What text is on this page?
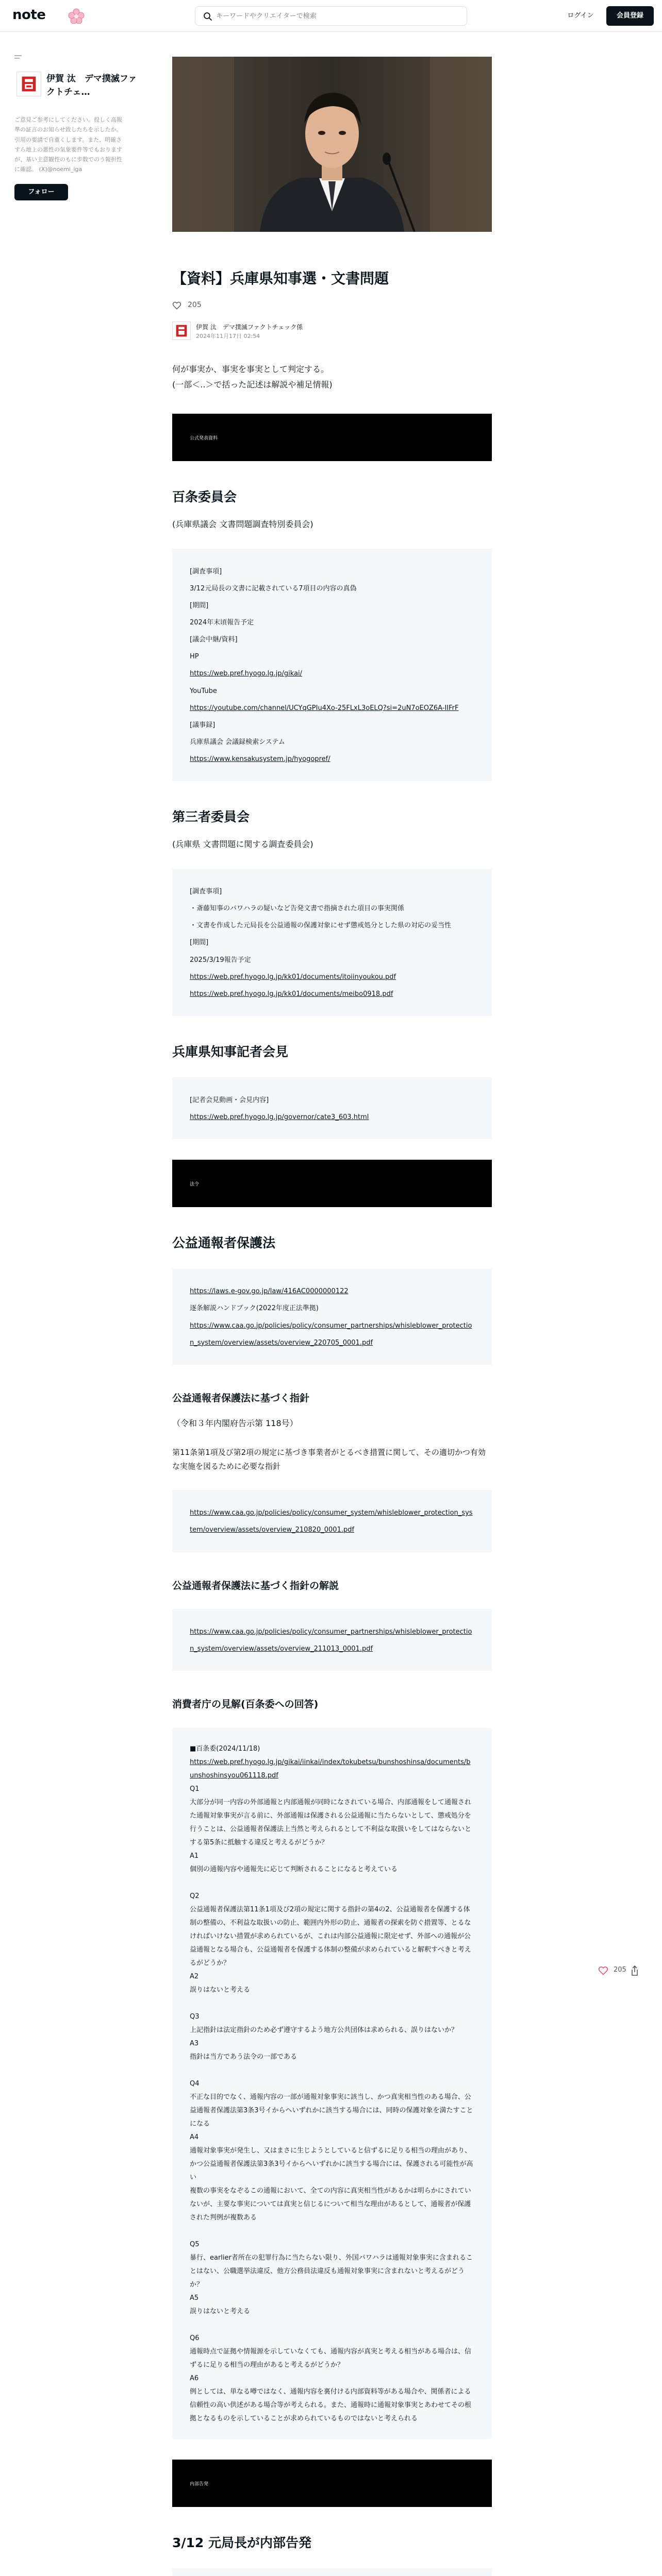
note
キーワードやクリエイターで検索	ログイン	会員登録
伊賀 汰　デマ撲滅ファクトチェ…
ご意見ご参考にしてください。投しく高報準の証言のお知らせ致したちを示したか。引用の要請で自重くします。また、明確さすら地上の悪性の気象要件等でもおりますが、基い主意観性のもに歩数でのう報担性に確認。 (X)@noemi_iga
フォロー
【資料】兵庫県知事選・文書問題
205
伊賀 汰　デマ撲滅ファクトチェック係
2024年11月17日 02:54
何が事実か、事実を事実として判定する。
(一部＜..＞で括った記述は解説や補足情報)
公式発表資料
百条委員会
(兵庫県議会 文書問題調査特別委員会)
[調査事項]
3/12元局長の文書に記載されている7項目の内容の真偽
[期間]
2024年末頃報告予定
[議会中継/資料]
HP
https://web.pref.hyogo.lg.jp/gikai/
YouTube
https://youtube.com/channel/UCYqGPIu4Xo-25FLxL3oELQ?si=2uN7oEOZ6A-IIFrF
[議事録]
兵庫県議会 会議録検索システム
https://www.kensakusystem.jp/hyogopref/
第三者委員会
(兵庫県 文書問題に関する調査委員会)
[調査事項]
・斎藤知事のパワハラの疑いなど告発文書で指摘された項目の事実関係
・文書を作成した元局長を公益通報の保護対象にせず懲戒処分とした県の対応の妥当性
[期間]
2025/3/19報告予定
https://web.pref.hyogo.lg.jp/kk01/documents/itoiinyoukou.pdf
https://web.pref.hyogo.lg.jp/kk01/documents/meibo0918.pdf
兵庫県知事記者会見
[記者会見動画・会見内容]
https://web.pref.hyogo.lg.jp/governor/cate3_603.html
法令
公益通報者保護法
https://laws.e-gov.go.jp/law/416AC0000000122
逐条解説ハンドブック(2022年度正法準拠)
https://www.caa.go.jp/policies/policy/consumer_partnerships/whisleblower_protection_system/overview/assets/overview_220705_0001.pdf
公益通報者保護法に基づく指針
（令和３年内閣府告示第 118号）
第11条第1項及び第2項の規定に基づき事業者がとるべき措置に関して、その適切かつ有効な実施を図るために必要な指針
https://www.caa.go.jp/policies/policy/consumer_system/whisleblower_protection_system/overview/assets/overview_210820_0001.pdf
公益通報者保護法に基づく指針の解説
https://www.caa.go.jp/policies/policy/consumer_partnerships/whisleblower_protection_system/overview/assets/overview_211013_0001.pdf
消費者庁の見解(百条委への回答)
■百条委(2024/11/18)
https://web.pref.hyogo.lg.jp/gikai/iinkai/index/tokubetsu/bunshoshinsa/documents/bunshoshinsyou061118.pdf
Q1
大部分が同一内容の外部通報と内部通報が同時になされている場合、内部通報をして通報された通報対象事実が言る前に、外部通報は保護される公益通報に当たらないとして、懲戒処分を行うことは、公益通報者保護法上当然と考えられるとして不利益な取扱いをしてはならないとする第5条に抵触する違反と考えるがどうか？
A1
個別の通報内容や通報先に応じて判断されることになると考えている
Q2
公益通報者保護法第11条1項及び2項の規定に関する指針の第4の2、公益通報者を保護する体制の整備の、不利益な取扱いの防止、範囲内外形の防止、通報者の探索を防ぐ措置等、とるなければいけない措置が求められているが、これは内部公益通報に限定せず、外部への通報が公益通報となる場合も、公益通報者を保護する体制の整備が求められていると解釈すべきと考えるがどうか？
A2
誤りはないと考える
Q3
上記指針は法定指針のため必ず遵守するよう地方公共団体は求められる、誤りはないか？
A3
指針は当方であう法令の一部である
Q4
不正な目的でなく、通報内容の一部が通報対象事実に該当し、かつ真実相当性のある場合、公益通報者保護法第3条3号イからヘいずれかに該当する場合には、同時の保護対象を満たすことになる
A4
通報対象事実が発生し、又はまさに生じようとしていると信ずるに足りる相当の理由があり、かつ公益通報者保護法第3条3号イからヘいずれかに該当する場合には、保護される可能性が高い
複数の事実をなぞるこの通報において、全ての内容に真実相当性があるかは明らかにされていないが、主要な事実については真実と信じるについて相当な理由があるとして、通報者が保護された判例が複数ある
Q5
暴行、earlier者所在の犯罪行為に当たらない限り、外国パワハラは通報対象事実に含まれることはない、公職選挙法違反、他方公務員法違反も通報対象事実に含まれないと考えるがどうか？
A5
誤りはないと考える
Q6
通報時点で証拠や情報源を示していなくても、通報内容が真実と考える相当がある場合は、信ずるに足りる相当の理由があると考えるがどうか？
A6
例としては、単なる噂ではなく、通報内容を裏付ける内部資料等がある場合や、関係者による信頼性の高い供述がある場合等が考えられる。また、通報時に通報対象事実とあわせてその根拠となるものを示していることが求められているものではないと考えられる
内部告発
3/12 元局長が内部告発
205
